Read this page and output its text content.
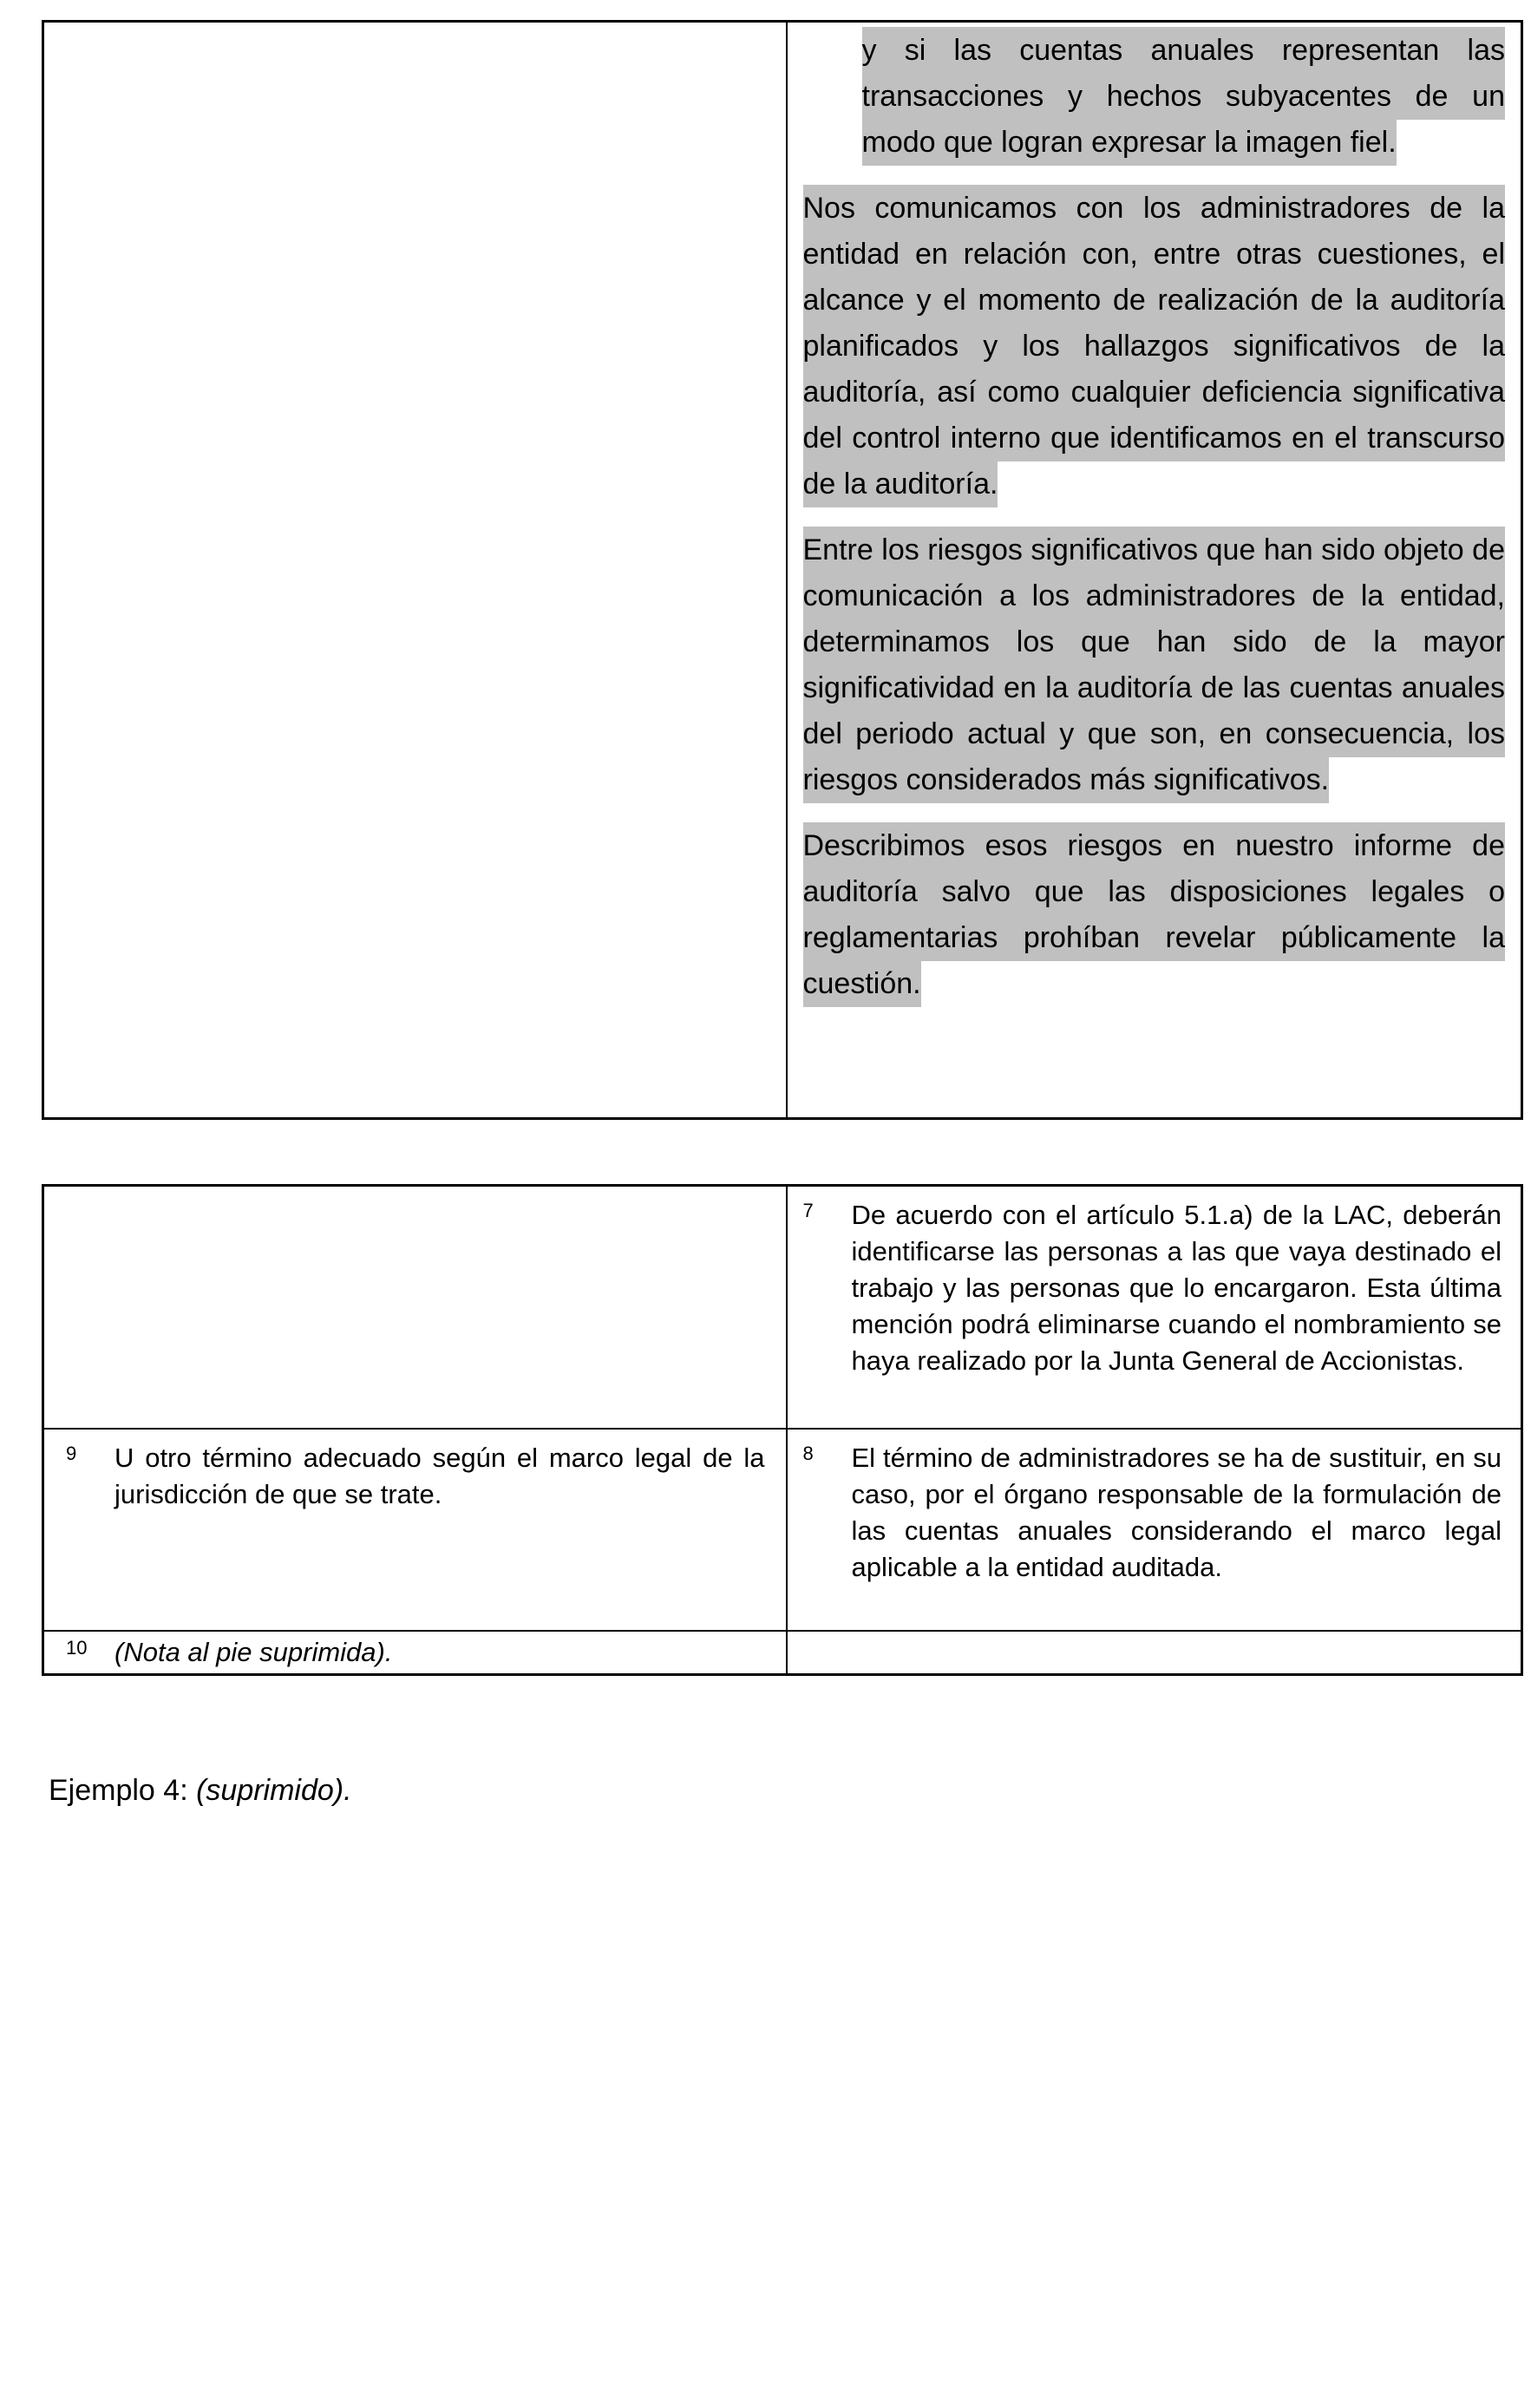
y si las cuentas anuales representan las transacciones y hechos subyacentes de un modo que logran expresar la imagen fiel.

Nos comunicamos con los administradores de la entidad en relación con, entre otras cuestiones, el alcance y el momento de realización de la auditoría planificados y los hallazgos significativos de la auditoría, así como cualquier deficiencia significativa del control interno que identificamos en el transcurso de la auditoría.

Entre los riesgos significativos que han sido objeto de comunicación a los administradores de la entidad, determinamos los que han sido de la mayor significatividad en la auditoría de las cuentas anuales del periodo actual y que son, en consecuencia, los riesgos considerados más significativos.

Describimos esos riesgos en nuestro informe de auditoría salvo que las disposiciones legales o reglamentarias prohíban revelar públicamente la cuestión.

	7 De acuerdo con el artículo 5.1.a) de la LAC, deberán identificarse las personas a las que vaya destinado el trabajo y las personas que lo encargaron. Esta última mención podrá eliminarse cuando el nombramiento se haya realizado por la Junta General de Accionistas.

9 U otro término adecuado según el marco legal de la jurisdicción de que se trate.	8 El término de administradores se ha de sustituir, en su caso, por el órgano responsable de la formulación de las cuentas anuales considerando el marco legal aplicable a la entidad auditada.

10 (Nota al pie suprimida).	

Ejemplo 4: (suprimido).
